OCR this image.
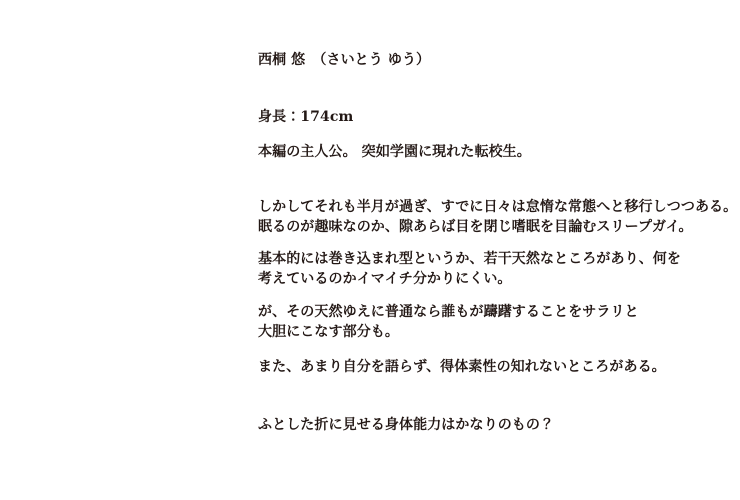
西桐 悠　（さいとう ゆう）

身長：174cm

本編の主人公。 突如学園に現れた転校生。

しかしてそれも半月が過ぎ、すでに日々は怠惰な常態へと移行しつつある。

眠るのが趣味なのか、隙あらば目を閉じ嗜眠を目論むスリープガイ。

基本的には巻き込まれ型というか、若干天然なところがあり、何を

考えているのかイマイチ分かりにくい。

が、その天然ゆえに普通なら誰もが躊躇することをサラリと

大胆にこなす部分も。

また、あまり自分を語らず、得体素性の知れないところがある。

ふとした折に見せる身体能力はかなりのもの？
